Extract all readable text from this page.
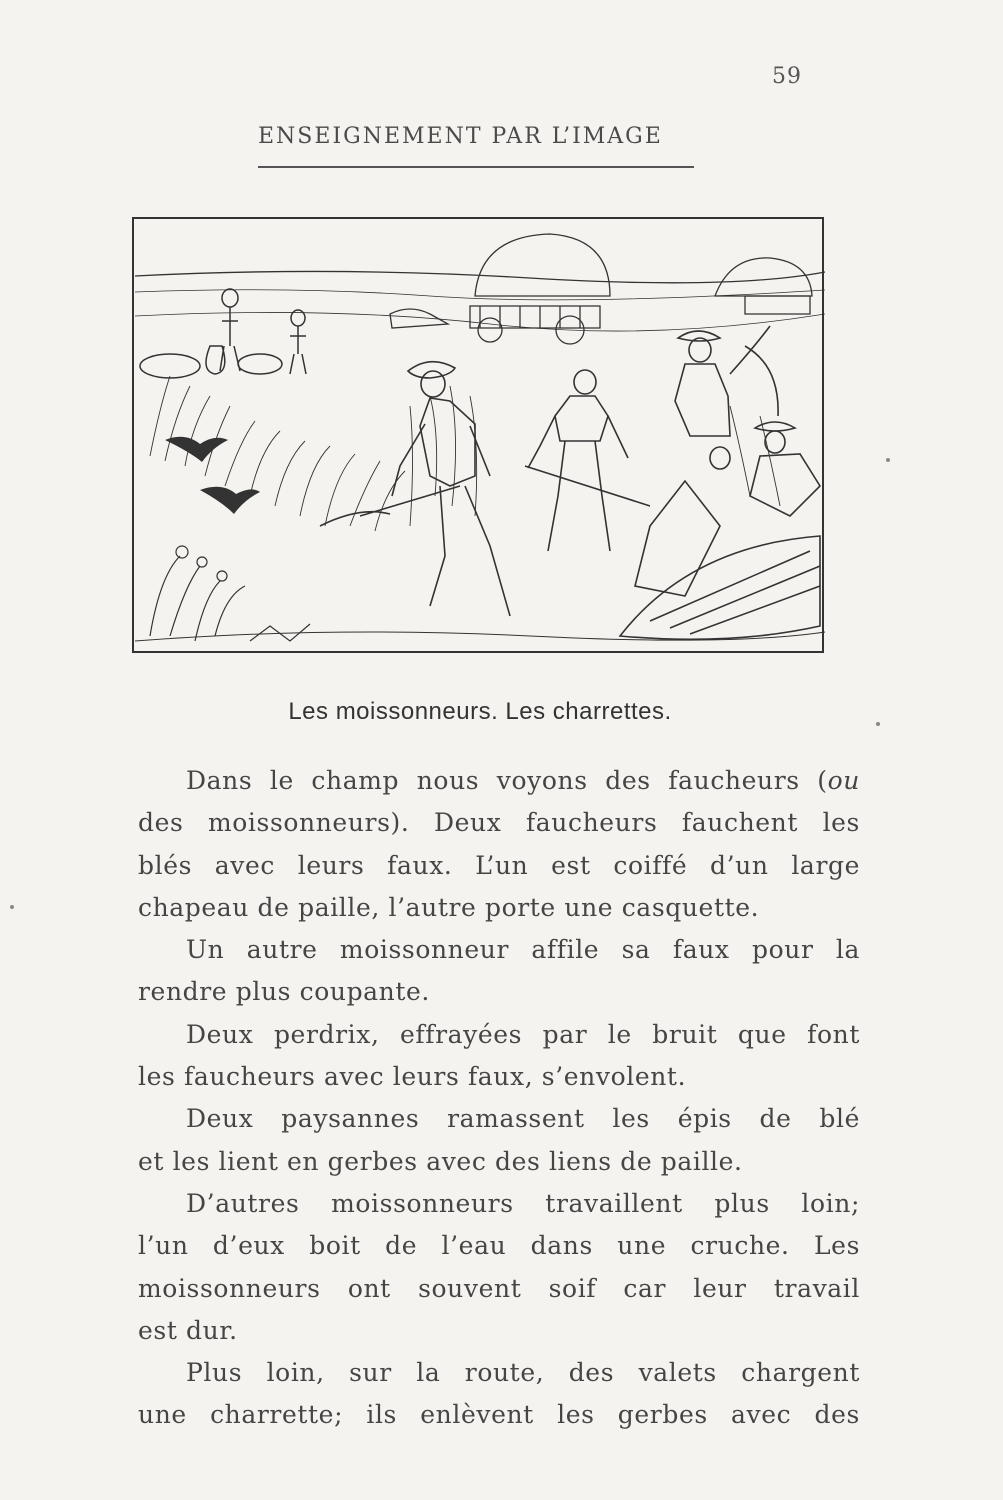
59
ENSEIGNEMENT PAR L’IMAGE
Les moissonneurs. Les charrettes.
Dans le champ nous voyons des faucheurs (ou
des moissonneurs). Deux faucheurs fauchent les
blés avec leurs faux. L’un est coiffé d’un large
chapeau de paille, l’autre porte une casquette.
Un autre moissonneur affile sa faux pour la
rendre plus coupante.
Deux perdrix, effrayées par le bruit que font
les faucheurs avec leurs faux, s’envolent.
Deux paysannes ramassent les épis de blé
et les lient en gerbes avec des liens de paille.
D’autres moissonneurs travaillent plus loin;
l’un d’eux boit de l’eau dans une cruche. Les
moissonneurs ont souvent soif car leur travail
est dur.
Plus loin, sur la route, des valets chargent
une charrette; ils enlèvent les gerbes avec des
